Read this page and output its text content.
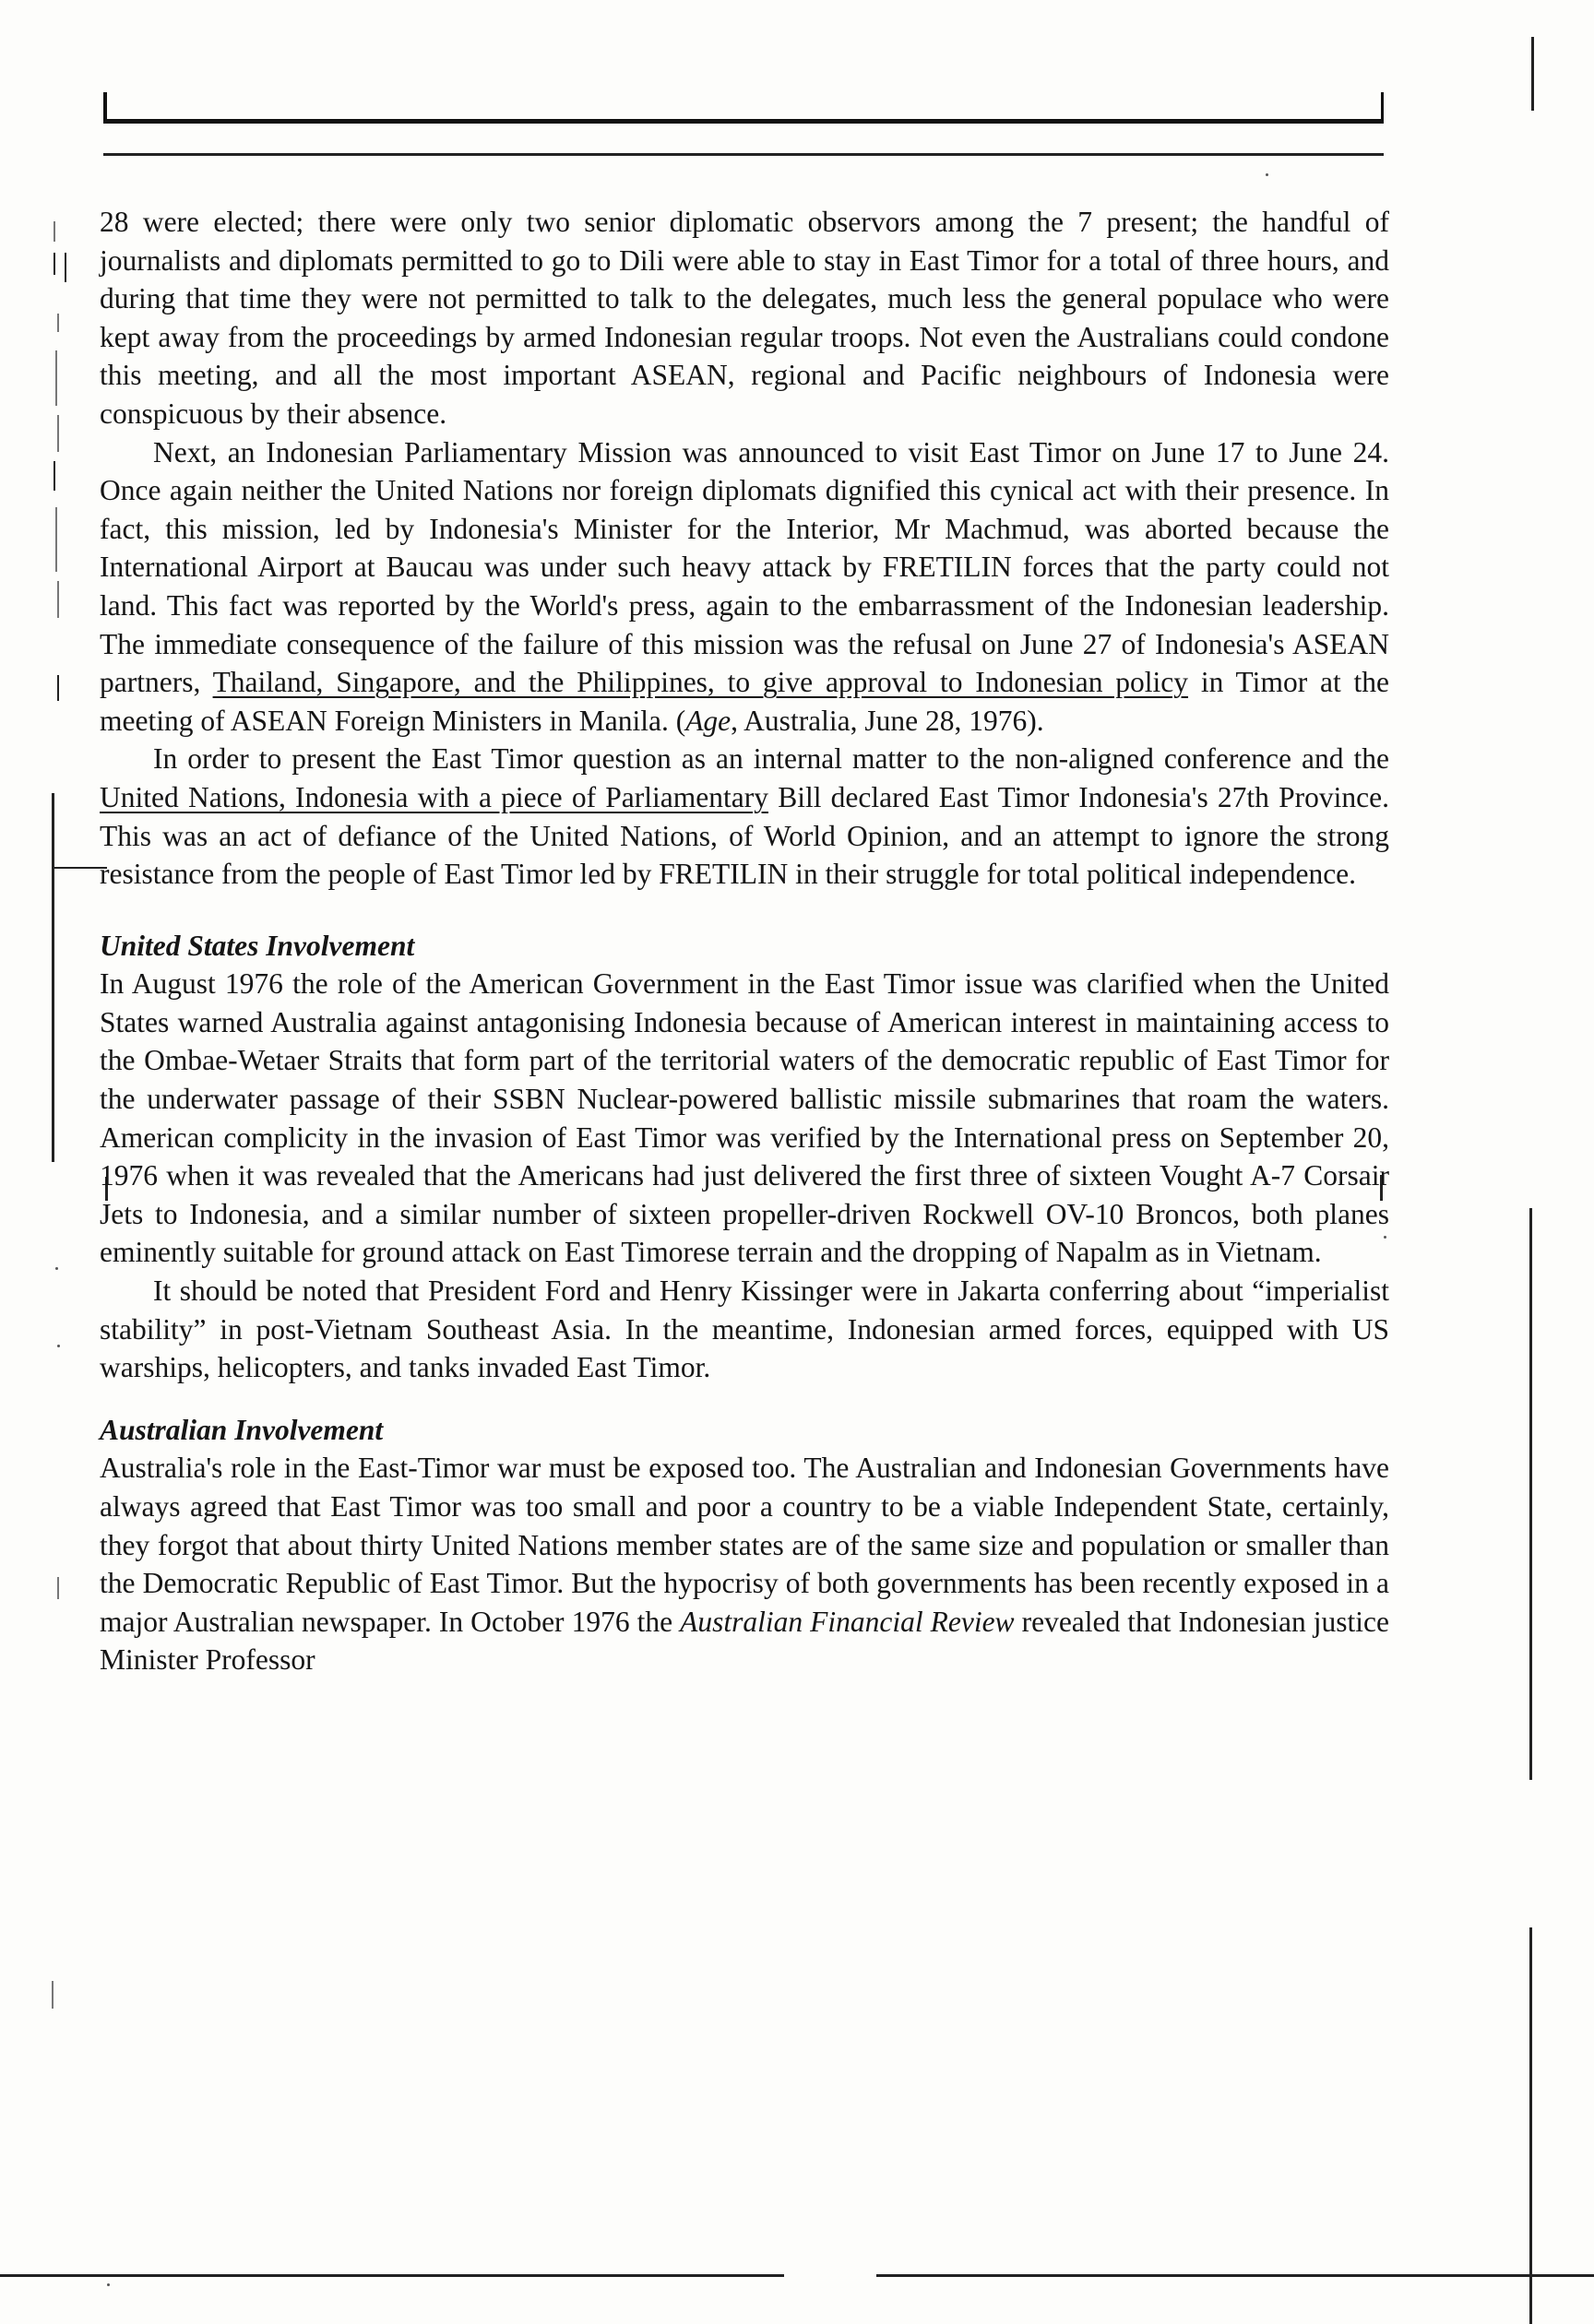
28 were elected; there were only two senior diplomatic observors among the 7 present; the handful of journalists and diplomats permitted to go to Dili were able to stay in East Timor for a total of three hours, and during that time they were not permitted to talk to the delegates, much less the general populace who were kept away from the proceedings by armed Indonesian regular troops. Not even the Australians could condone this meeting, and all the most important ASEAN, regional and Pacific neighbours of Indonesia were conspicuous by their absence.

Next, an Indonesian Parliamentary Mission was announced to visit East Timor on June 17 to June 24. Once again neither the United Nations nor foreign diplomats dignified this cynical act with their presence. In fact, this mission, led by Indonesia's Minister for the Interior, Mr Machmud, was aborted because the International Airport at Baucau was under such heavy attack by FRETILIN forces that the party could not land. This fact was reported by the World's press, again to the embarrassment of the Indonesian leadership. The immediate consequence of the failure of this mission was the refusal on June 27 of Indonesia's ASEAN partners, Thailand, Singapore, and the Philippines, to give approval to Indonesian policy in Timor at the meeting of ASEAN Foreign Ministers in Manila. (Age, Australia, June 28, 1976).

In order to present the East Timor question as an internal matter to the non-aligned conference and the United Nations, Indonesia with a piece of Parliamentary Bill declared East Timor Indonesia's 27th Province. This was an act of defiance of the United Nations, of World Opinion, and an attempt to ignore the strong resistance from the people of East Timor led by FRETILIN in their struggle for total political independence.

United States Involvement

In August 1976 the role of the American Government in the East Timor issue was clarified when the United States warned Australia against antagonising Indonesia because of American interest in maintaining access to the Ombae-Wetaer Straits that form part of the territorial waters of the democratic republic of East Timor for the underwater passage of their SSBN Nuclear-powered ballistic missile submarines that roam the waters. American complicity in the invasion of East Timor was verified by the International press on September 20, 1976 when it was revealed that the Americans had just delivered the first three of sixteen Vought A-7 Corsair Jets to Indonesia, and a similar number of sixteen propeller-driven Rockwell OV-10 Broncos, both planes eminently suitable for ground attack on East Timorese terrain and the dropping of Napalm as in Vietnam.

It should be noted that President Ford and Henry Kissinger were in Jakarta conferring about “imperialist stability” in post-Vietnam Southeast Asia. In the meantime, Indonesian armed forces, equipped with US warships, helicopters, and tanks invaded East Timor.

Australian Involvement

Australia's role in the East-Timor war must be exposed too. The Australian and Indonesian Governments have always agreed that East Timor was too small and poor a country to be a viable Independent State, certainly, they forgot that about thirty United Nations member states are of the same size and population or smaller than the Democratic Republic of East Timor. But the hypocrisy of both governments has been recently exposed in a major Australian newspaper. In October 1976 the Australian Financial Review revealed that Indonesian justice Minister Professor
